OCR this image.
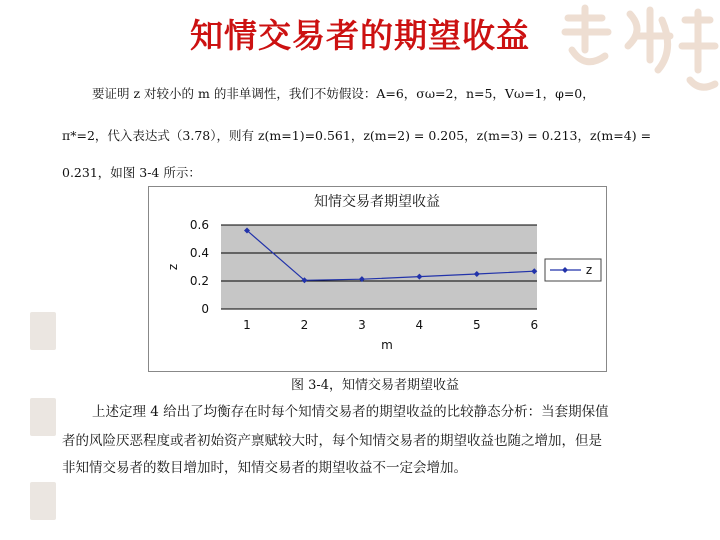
知情交易者的期望收益
要证明 z 对较小的 m 的非单调性，我们不妨假设：A=6，σω=2，n=5，Vω=1，φ=0，
π*=2，代入表达式（3.78），则有 z(m=1)=0.561，z(m=2) = 0.205，z(m=3) = 0.213，z(m=4) =
0.231，如图 3-4 所示：
知情交易者期望收益
0.6
0.4
0.2
0
1	2	3	4	5	6
z
m
z
图 3-4，知情交易者期望收益
上述定理 4 给出了均衡存在时每个知情交易者的期望收益的比较静态分析：当套期保值
者的风险厌恶程度或者初始资产禀赋较大时，每个知情交易者的期望收益也随之增加，但是
非知情交易者的数目增加时，知情交易者的期望收益不一定会增加。
